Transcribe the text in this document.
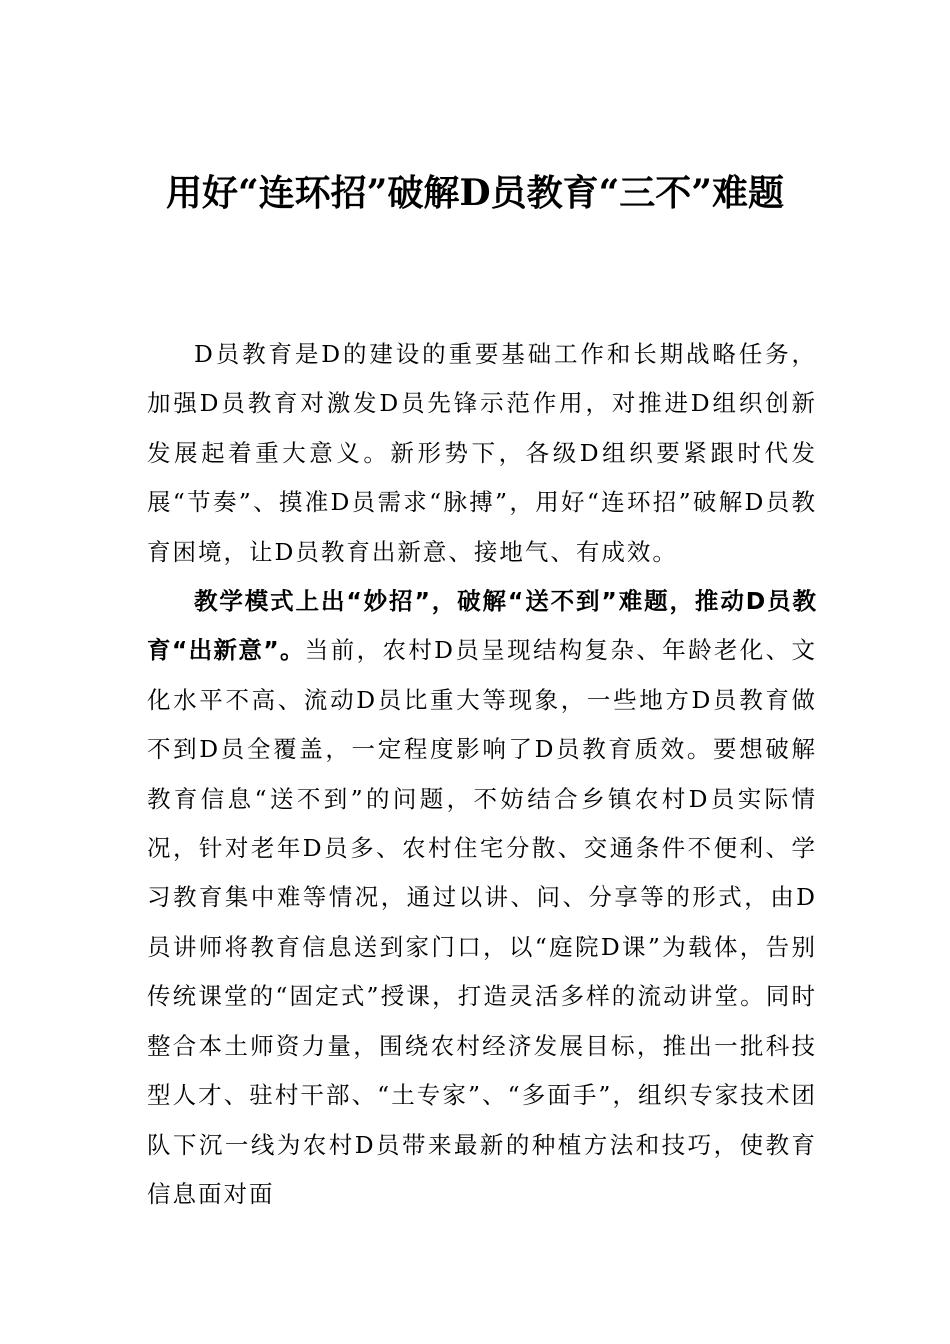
用好“连环招”破解D员教育“三不”难题

D员教育是D的建设的重要基础工作和长期战略任务，加强D员教育对激发D员先锋示范作用，对推进D组织创新发展起着重大意义。新形势下，各级D组织要紧跟时代发展“节奏”、摸准D员需求“脉搏”，用好“连环招”破解D员教育困境，让D员教育出新意、接地气、有成效。

教学模式上出“妙招”，破解“送不到”难题，推动D员教育“出新意”。当前，农村D员呈现结构复杂、年龄老化、文化水平不高、流动D员比重大等现象，一些地方D员教育做不到D员全覆盖，一定程度影响了D员教育质效。要想破解教育信息“送不到”的问题，不妨结合乡镇农村D员实际情况，针对老年D员多、农村住宅分散、交通条件不便利、学习教育集中难等情况，通过以讲、问、分享等的形式，由D员讲师将教育信息送到家门口，以“庭院D课”为载体，告别传统课堂的“固定式”授课，打造灵活多样的流动讲堂。同时整合本土师资力量，围绕农村经济发展目标，推出一批科技型人才、驻村干部、“土专家”、“多面手”，组织专家技术团队下沉一线为农村D员带来最新的种植方法和技巧，使教育信息面对面
